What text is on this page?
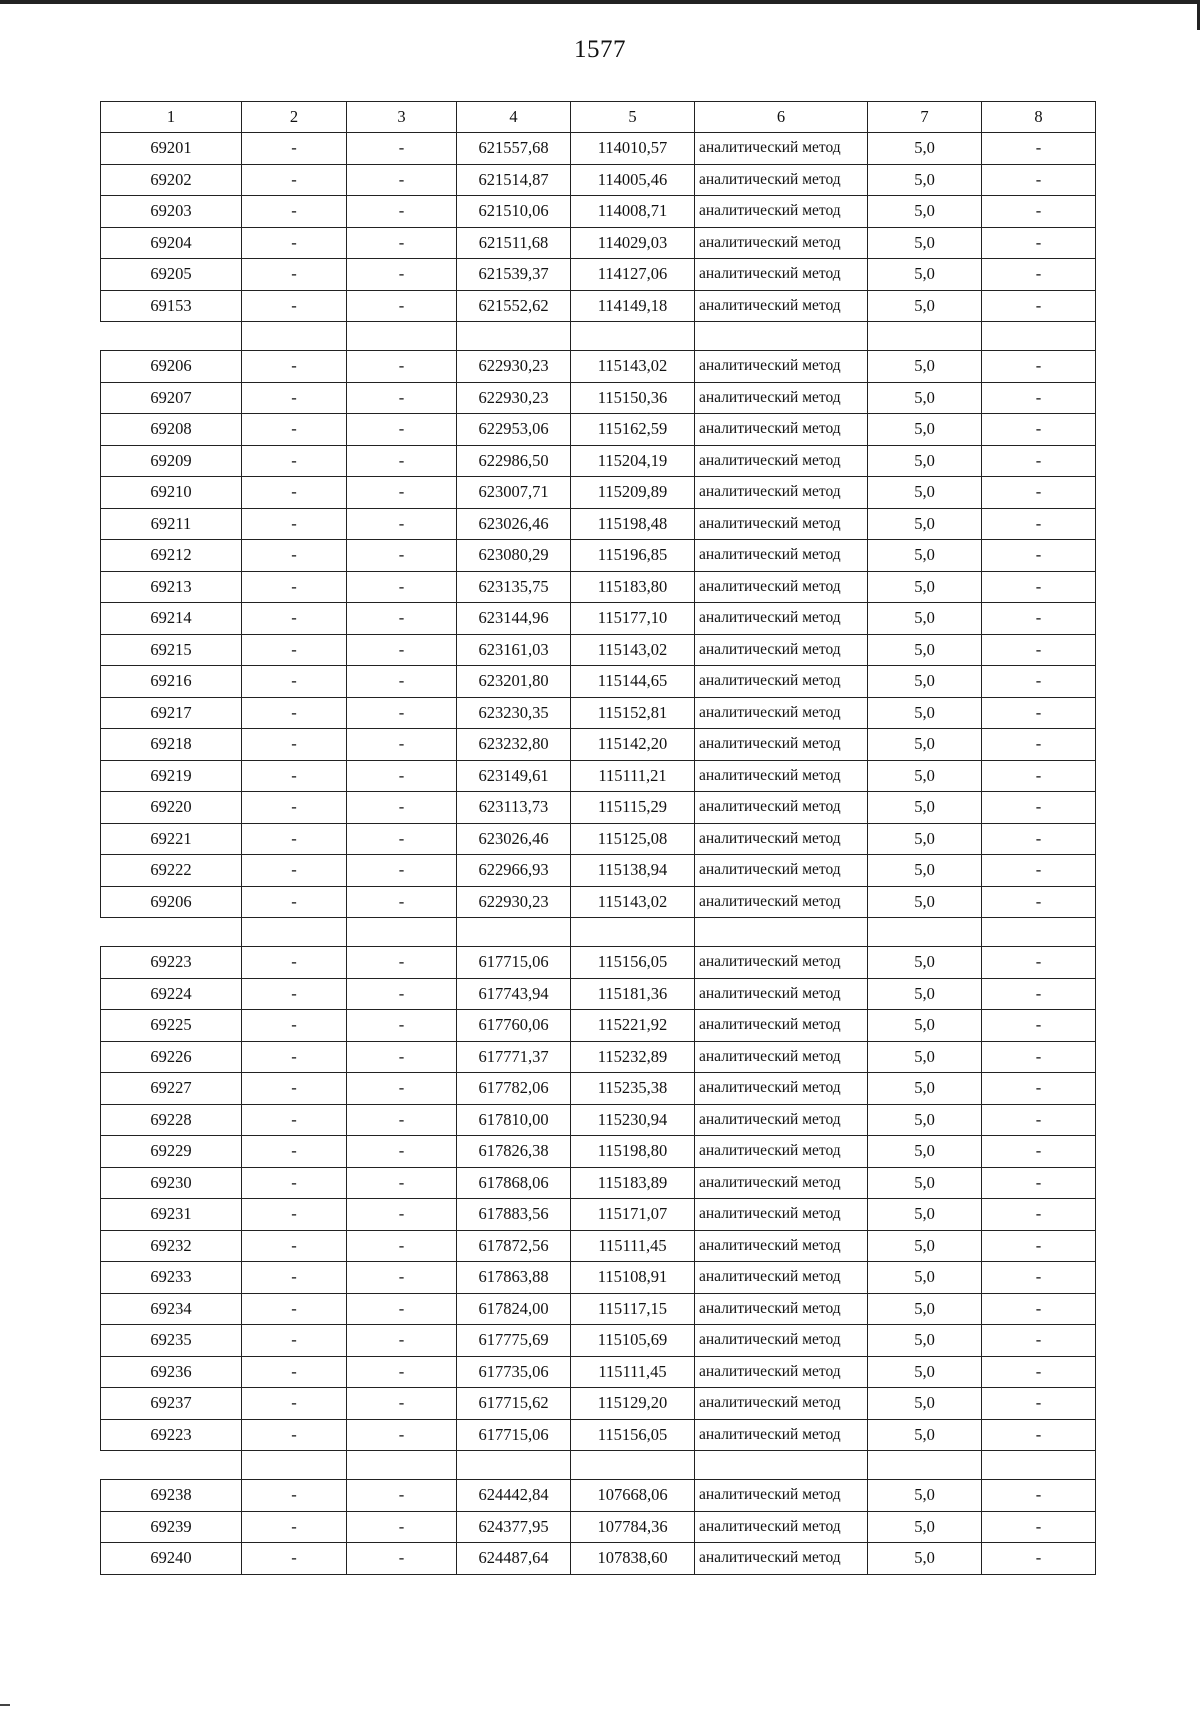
1577
1	2	3	4	5	6	7	8
69201	-	-	621557,68	114010,57	аналитический метод	5,0	-
69202	-	-	621514,87	114005,46	аналитический метод	5,0	-
69203	-	-	621510,06	114008,71	аналитический метод	5,0	-
69204	-	-	621511,68	114029,03	аналитический метод	5,0	-
69205	-	-	621539,37	114127,06	аналитический метод	5,0	-
69153	-	-	621552,62	114149,18	аналитический метод	5,0	-

69206	-	-	622930,23	115143,02	аналитический метод	5,0	-
69207	-	-	622930,23	115150,36	аналитический метод	5,0	-
69208	-	-	622953,06	115162,59	аналитический метод	5,0	-
69209	-	-	622986,50	115204,19	аналитический метод	5,0	-
69210	-	-	623007,71	115209,89	аналитический метод	5,0	-
69211	-	-	623026,46	115198,48	аналитический метод	5,0	-
69212	-	-	623080,29	115196,85	аналитический метод	5,0	-
69213	-	-	623135,75	115183,80	аналитический метод	5,0	-
69214	-	-	623144,96	115177,10	аналитический метод	5,0	-
69215	-	-	623161,03	115143,02	аналитический метод	5,0	-
69216	-	-	623201,80	115144,65	аналитический метод	5,0	-
69217	-	-	623230,35	115152,81	аналитический метод	5,0	-
69218	-	-	623232,80	115142,20	аналитический метод	5,0	-
69219	-	-	623149,61	115111,21	аналитический метод	5,0	-
69220	-	-	623113,73	115115,29	аналитический метод	5,0	-
69221	-	-	623026,46	115125,08	аналитический метод	5,0	-
69222	-	-	622966,93	115138,94	аналитический метод	5,0	-
69206	-	-	622930,23	115143,02	аналитический метод	5,0	-

69223	-	-	617715,06	115156,05	аналитический метод	5,0	-
69224	-	-	617743,94	115181,36	аналитический метод	5,0	-
69225	-	-	617760,06	115221,92	аналитический метод	5,0	-
69226	-	-	617771,37	115232,89	аналитический метод	5,0	-
69227	-	-	617782,06	115235,38	аналитический метод	5,0	-
69228	-	-	617810,00	115230,94	аналитический метод	5,0	-
69229	-	-	617826,38	115198,80	аналитический метод	5,0	-
69230	-	-	617868,06	115183,89	аналитический метод	5,0	-
69231	-	-	617883,56	115171,07	аналитический метод	5,0	-
69232	-	-	617872,56	115111,45	аналитический метод	5,0	-
69233	-	-	617863,88	115108,91	аналитический метод	5,0	-
69234	-	-	617824,00	115117,15	аналитический метод	5,0	-
69235	-	-	617775,69	115105,69	аналитический метод	5,0	-
69236	-	-	617735,06	115111,45	аналитический метод	5,0	-
69237	-	-	617715,62	115129,20	аналитический метод	5,0	-
69223	-	-	617715,06	115156,05	аналитический метод	5,0	-

69238	-	-	624442,84	107668,06	аналитический метод	5,0	-
69239	-	-	624377,95	107784,36	аналитический метод	5,0	-
69240	-	-	624487,64	107838,60	аналитический метод	5,0	-
